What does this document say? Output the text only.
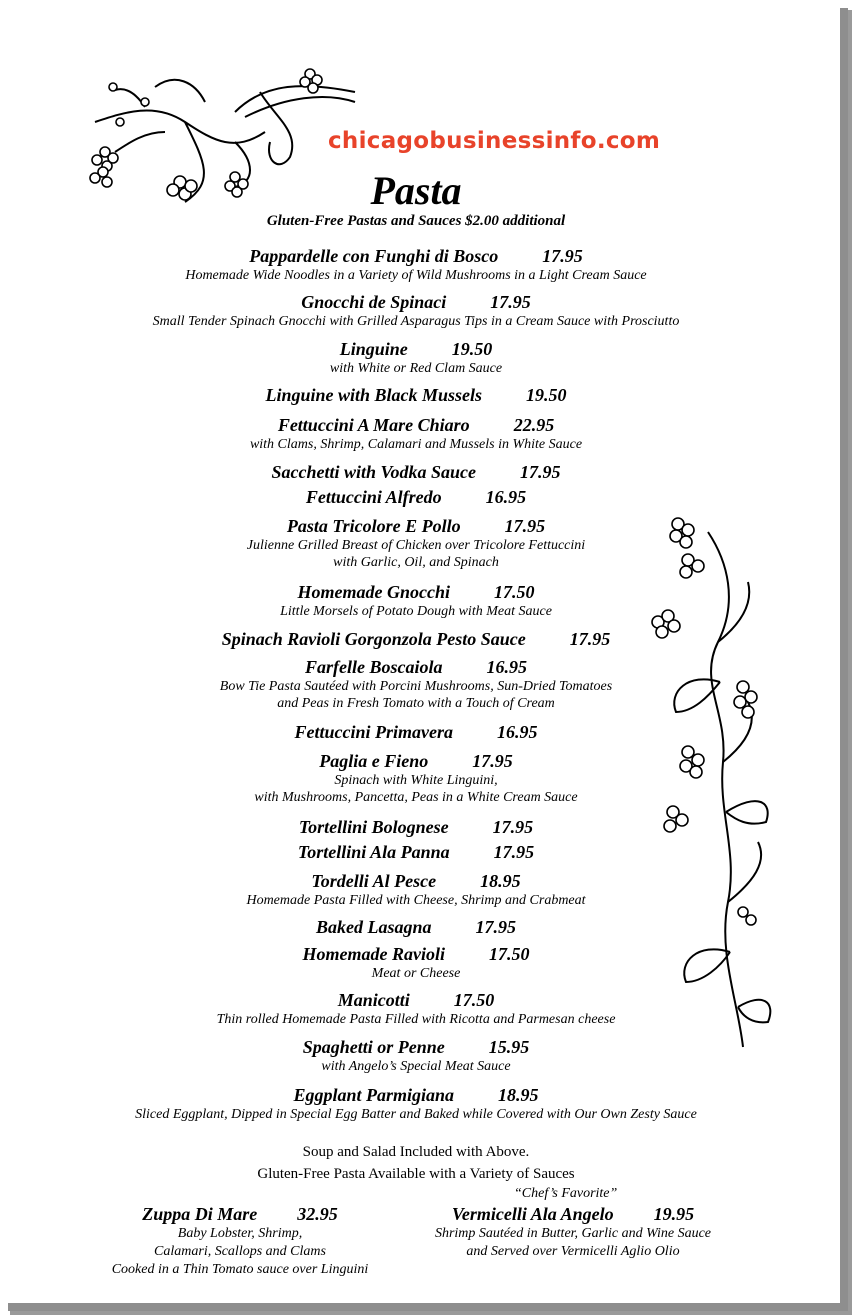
chicagobusinessinfo.com
Pasta
Gluten-Free Pastas and Sauces $2.00 additional
Pappardelle con Funghi di Bosco 17.95
Homemade Wide Noodles in a Variety of Wild Mushrooms in a Light Cream Sauce
Gnocchi de Spinaci 17.95
Small Tender Spinach Gnocchi with Grilled Asparagus Tips in a Cream Sauce with Prosciutto
Linguine 19.50
with White or Red Clam Sauce
Linguine with Black Mussels 19.50
Fettuccini A Mare Chiaro 22.95
with Clams, Shrimp, Calamari and Mussels in White Sauce
Sacchetti with Vodka Sauce 17.95
Fettuccini Alfredo 16.95
Pasta Tricolore E Pollo 17.95
Julienne Grilled Breast of Chicken over Tricolore Fettuccini
with Garlic, Oil, and Spinach
Homemade Gnocchi 17.50
Little Morsels of Potato Dough with Meat Sauce
Spinach Ravioli Gorgonzola Pesto Sauce 17.95
Farfelle Boscaiola 16.95
Bow Tie Pasta Sautéed with Porcini Mushrooms, Sun-Dried Tomatoes
and Peas in Fresh Tomato with a Touch of Cream
Fettuccini Primavera 16.95
Paglia e Fieno 17.95
Spinach with White Linguini,
with Mushrooms, Pancetta, Peas in a White Cream Sauce
Tortellini Bolognese 17.95
Tortellini Ala Panna 17.95
Tordelli Al Pesce 18.95
Homemade Pasta Filled with Cheese, Shrimp and Crabmeat
Baked Lasagna 17.95
Homemade Ravioli 17.50
Meat or Cheese
Manicotti 17.50
Thin rolled Homemade Pasta Filled with Ricotta and Parmesan cheese
Spaghetti or Penne 15.95
with Angelo’s Special Meat Sauce
Eggplant Parmigiana 18.95
Sliced Eggplant, Dipped in Special Egg Batter and Baked while Covered with Our Own Zesty Sauce
Soup and Salad Included with Above.
Gluten-Free Pasta Available with a Variety of Sauces
“Chef’s Favorite”
Zuppa Di Mare 32.95
Baby Lobster, Shrimp,
Calamari, Scallops and Clams
Cooked in a Thin Tomato sauce over Linguini
Vermicelli Ala Angelo 19.95
Shrimp Sautéed in Butter, Garlic and Wine Sauce
and Served over Vermicelli Aglio Olio
